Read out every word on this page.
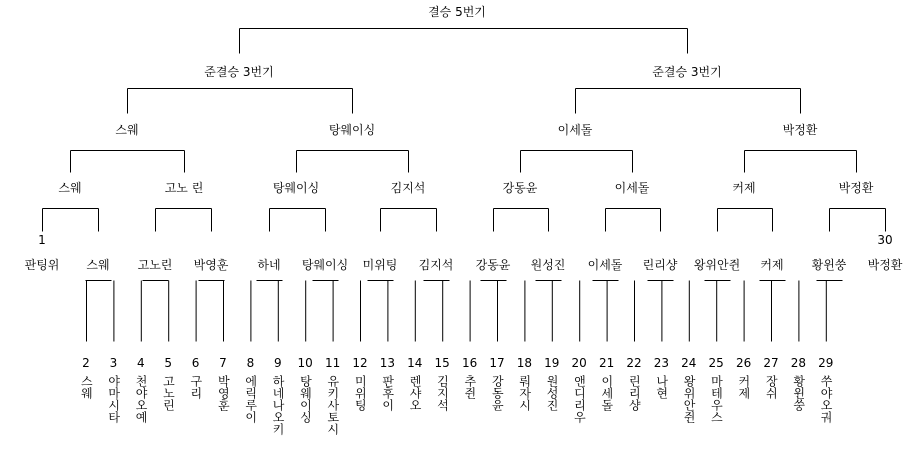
결승 5번기
준결승 3번기	준결승 3번기
스웨	탕웨이싱	이세돌	박정환
스웨	고노 린	탕웨이싱	김지석	강동윤	이세돌	커제	박정환
판팅위 스웨 고노린 박영훈 하네 탕웨이싱 미위팅 김지석 강동윤 원성진 이세돌 린리샹 왕위안쥔 커제 황윈쑹 박정환
1	30
2
스웨
3
야마시타
4
천야오예
5
고노린
6
구리
7
박영훈
8
에릭루이
9
하네나오키
10
탕웨이싱
11
유키사토시
12
미위팅
13
판후이
14
렌샤오
15
김지석
16
추쥔
17
강동윤
18
뤄자시
19
원성진
20
앤디리우
21
이세돌
22
린리샹
23
나현
24
왕위안쥔
25
마테우스
26
커제
27
장쉬
28
황윈쑹
29
쑤야오궈
